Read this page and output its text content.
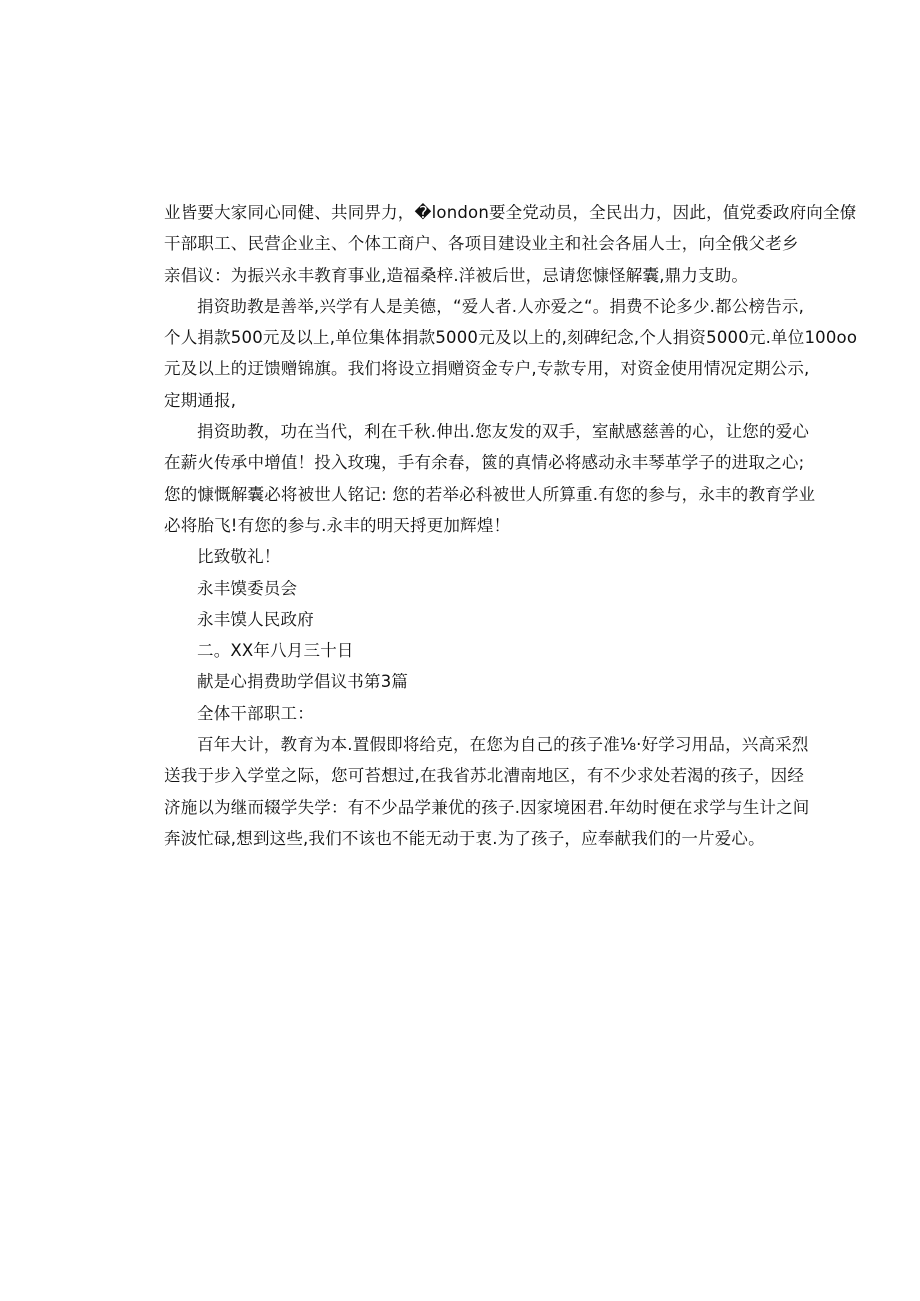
业皆要大家同心同健、共同畀力，�london要全党动员，全民出力，因此，值党委政府向全僚
干部职工、民营企业主、个体工商户、各项目建设业主和社会各届人士，向全俄父老乡
亲倡议：为振兴永丰教育事业,造福桑梓.洋被后世，忌请您慷怪解囊,鼎力支助。
捐资助教是善举,兴学有人是美德，“爱人者.人亦爱之“。捐费不论多少.都公榜告示,
个人捐款500元及以上,单位集体捐款5000元及以上的,刻碑纪念,个人捐资5000元.单位100oo
元及以上的迂馈赠锦旗。我们将设立捐赠资金专户,专款专用，对资金使用情况定期公示,
定期通报,
捐资助教，功在当代，利在千秋.伸出.您友发的双手，室献感慈善的心，让您的爱心
在薪火传承中增值！投入玫瑰，手有余春，篋的真情必将感动永丰琴革学子的进取之心;
您的慷慨解囊必将被世人铭记: 您的若举必科被世人所算重.有您的参与，永丰的教育学业
必将胎飞!有您的参与.永丰的明天捋更加辉煌！
比致敬礼！
永丰馍委员会
永丰馍人民政府
二。XX年八月三十日
献是心捐费助学倡议书第3篇
全体干部职工：
百年大计，教育为本.置假即将给克，在您为自己的孩子准⅛·好学习用品，兴高采烈
送我于步入学堂之际，您可苔想过,在我省苏北漕南地区，有不少求处若渴的孩子，因经
济施以为继而辍学失学：有不少品学兼优的孩子.因家境困君.年幼时便在求学与生计之间
奔波忙碌,想到这些,我们不该也不能无动于衷.为了孩子，应奉献我们的一片爱心。
